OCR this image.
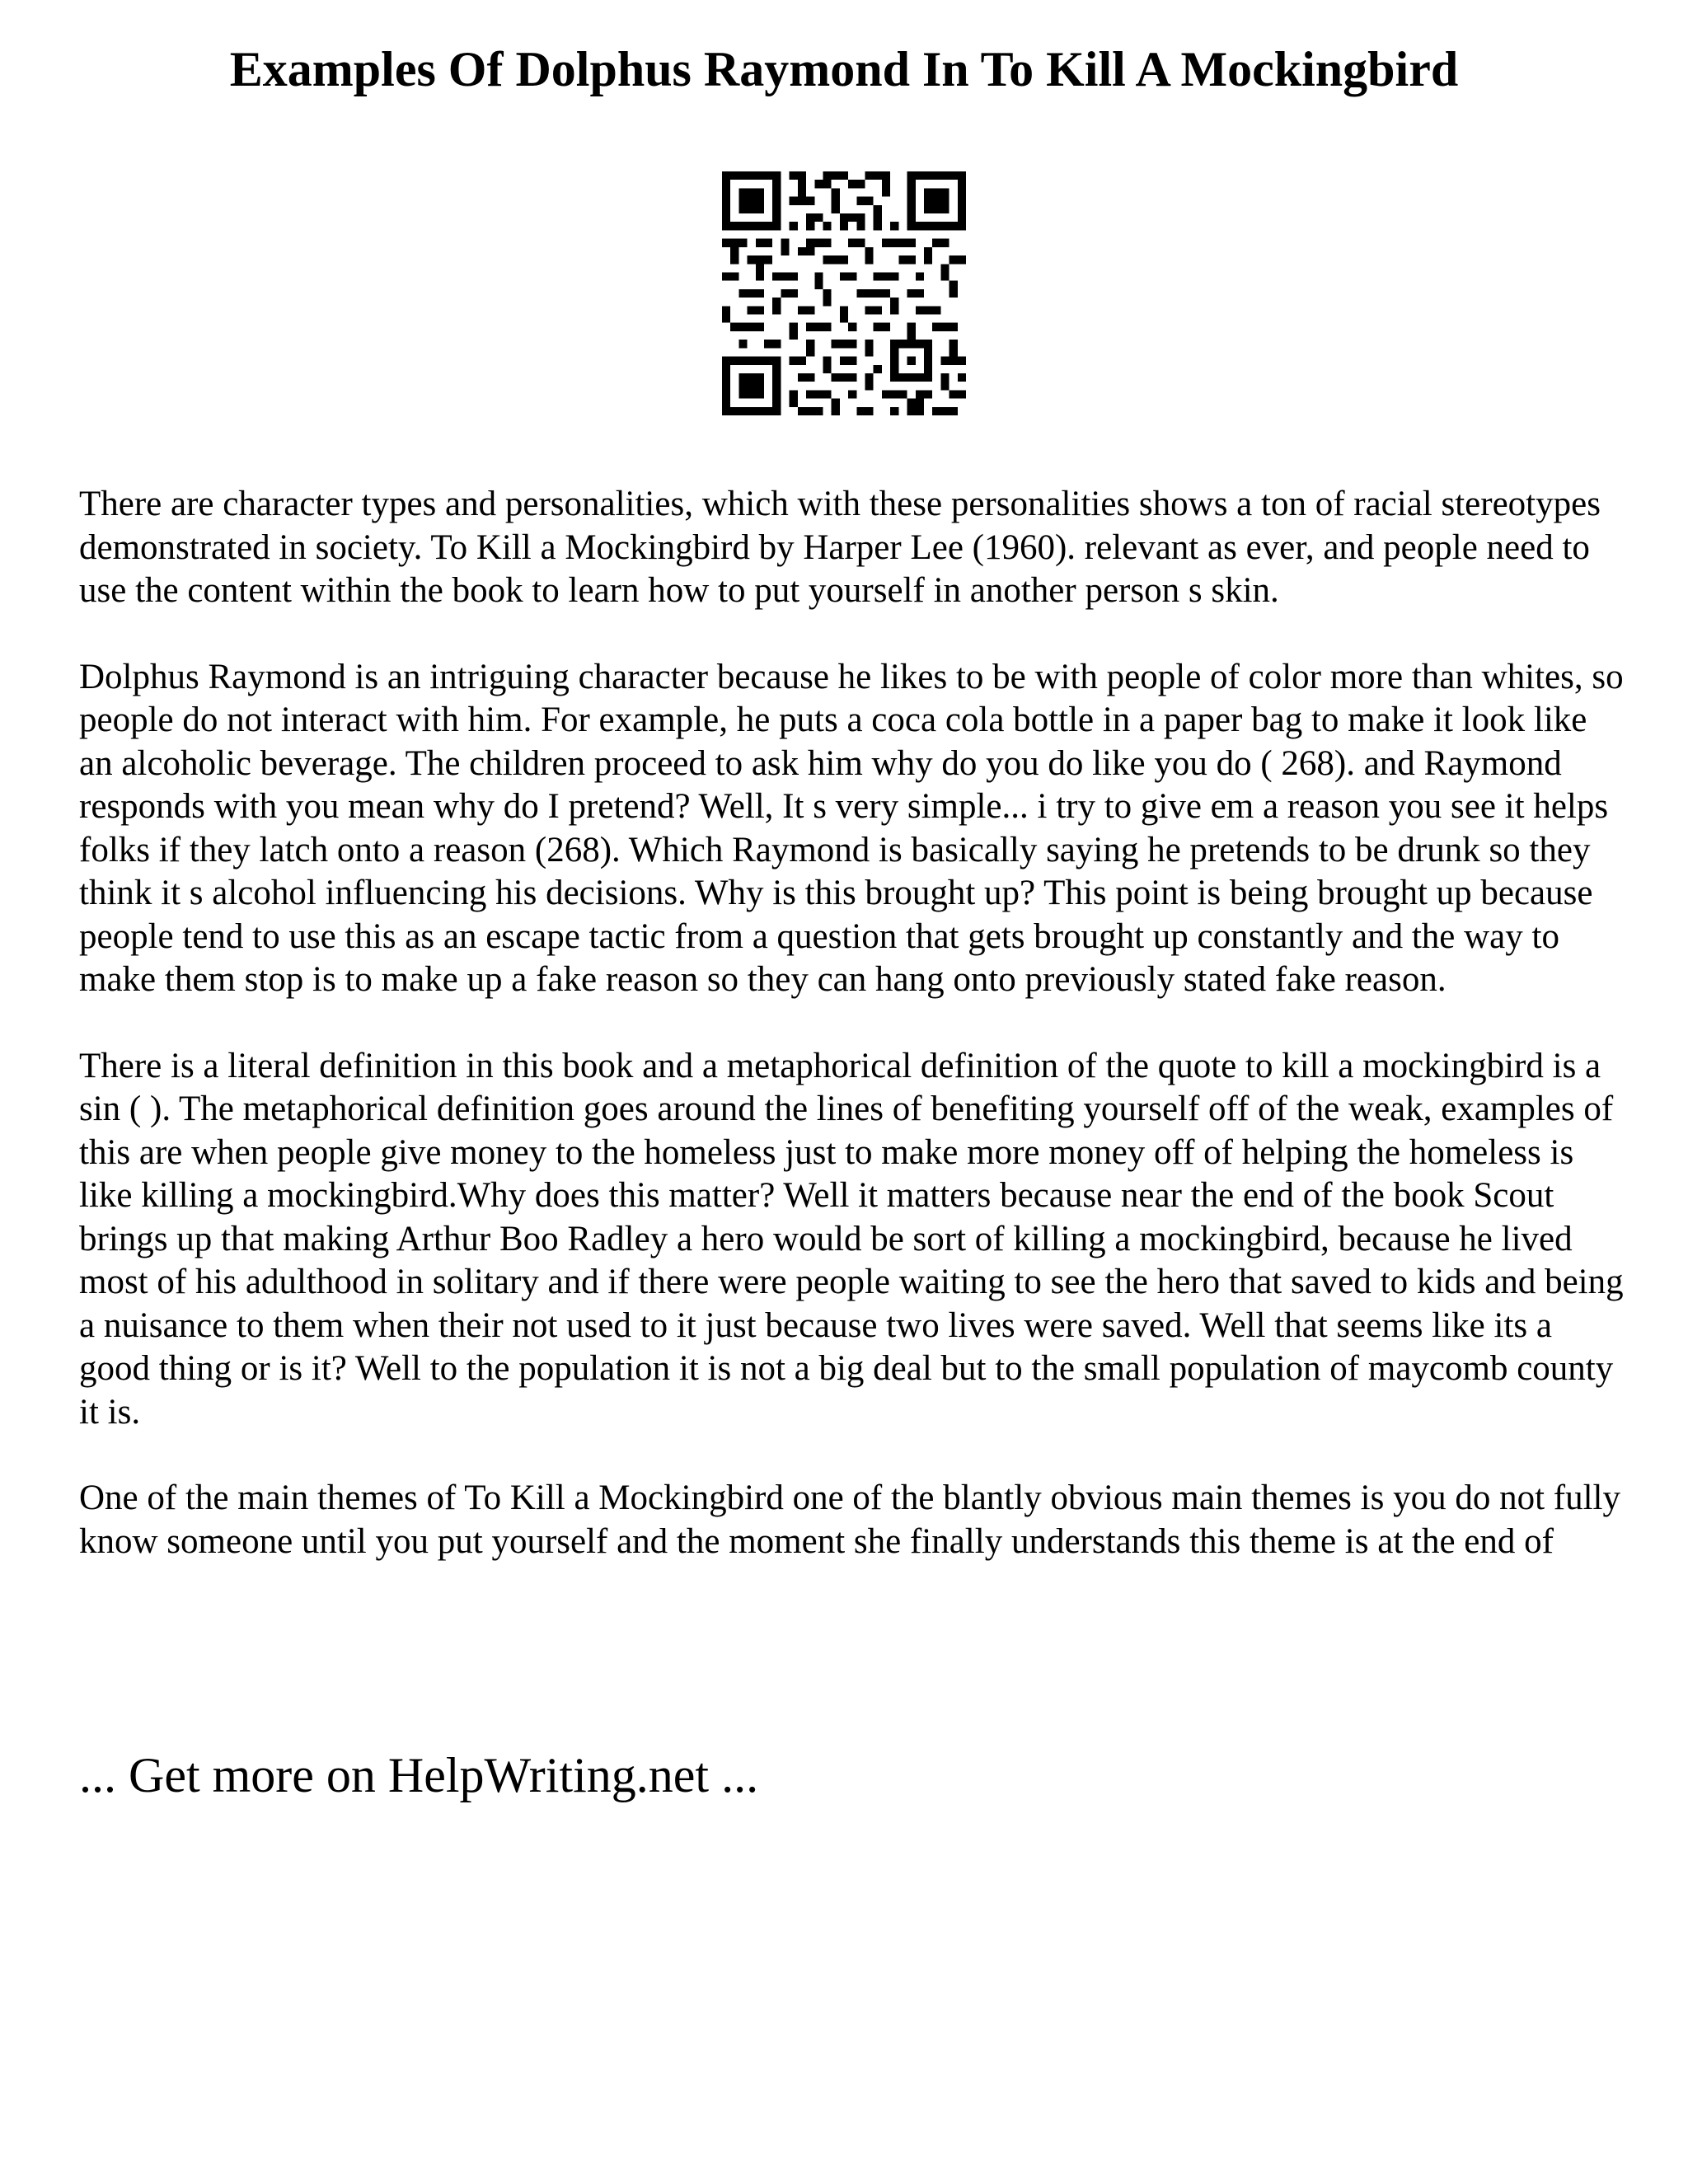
Examples Of Dolphus Raymond In To Kill A Mockingbird

There are character types and personalities, which with these personalities shows a ton of racial stereotypes demonstrated in society. To Kill a Mockingbird by Harper Lee (1960). relevant as ever, and people need to use the content within the book to learn how to put yourself in another person s skin.

Dolphus Raymond is an intriguing character because he likes to be with people of color more than whites, so people do not interact with him. For example, he puts a coca cola bottle in a paper bag to make it look like an alcoholic beverage. The children proceed to ask him why do you do like you do ( 268). and Raymond responds with you mean why do I pretend? Well, It s very simple... i try to give em a reason you see it helps folks if they latch onto a reason (268). Which Raymond is basically saying he pretends to be drunk so they think it s alcohol influencing his decisions. Why is this brought up? This point is being brought up because people tend to use this as an escape tactic from a question that gets brought up constantly and the way to make them stop is to make up a fake reason so they can hang onto previously stated fake reason.

There is a literal definition in this book and a metaphorical definition of the quote to kill a mockingbird is a sin ( ). The metaphorical definition goes around the lines of benefiting yourself off of the weak, examples of this are when people give money to the homeless just to make more money off of helping the homeless is like killing a mockingbird.Why does this matter? Well it matters because near the end of the book Scout brings up that making Arthur Boo Radley a hero would be sort of killing a mockingbird, because he lived most of his adulthood in solitary and if there were people waiting to see the hero that saved to kids and being a nuisance to them when their not used to it just because two lives were saved. Well that seems like its a good thing or is it? Well to the population it is not a big deal but to the small population of maycomb county it is.

One of the main themes of To Kill a Mockingbird one of the blantly obvious main themes is you do not fully know someone until you put yourself and the moment she finally understands this theme is at the end of

... Get more on HelpWriting.net ...
